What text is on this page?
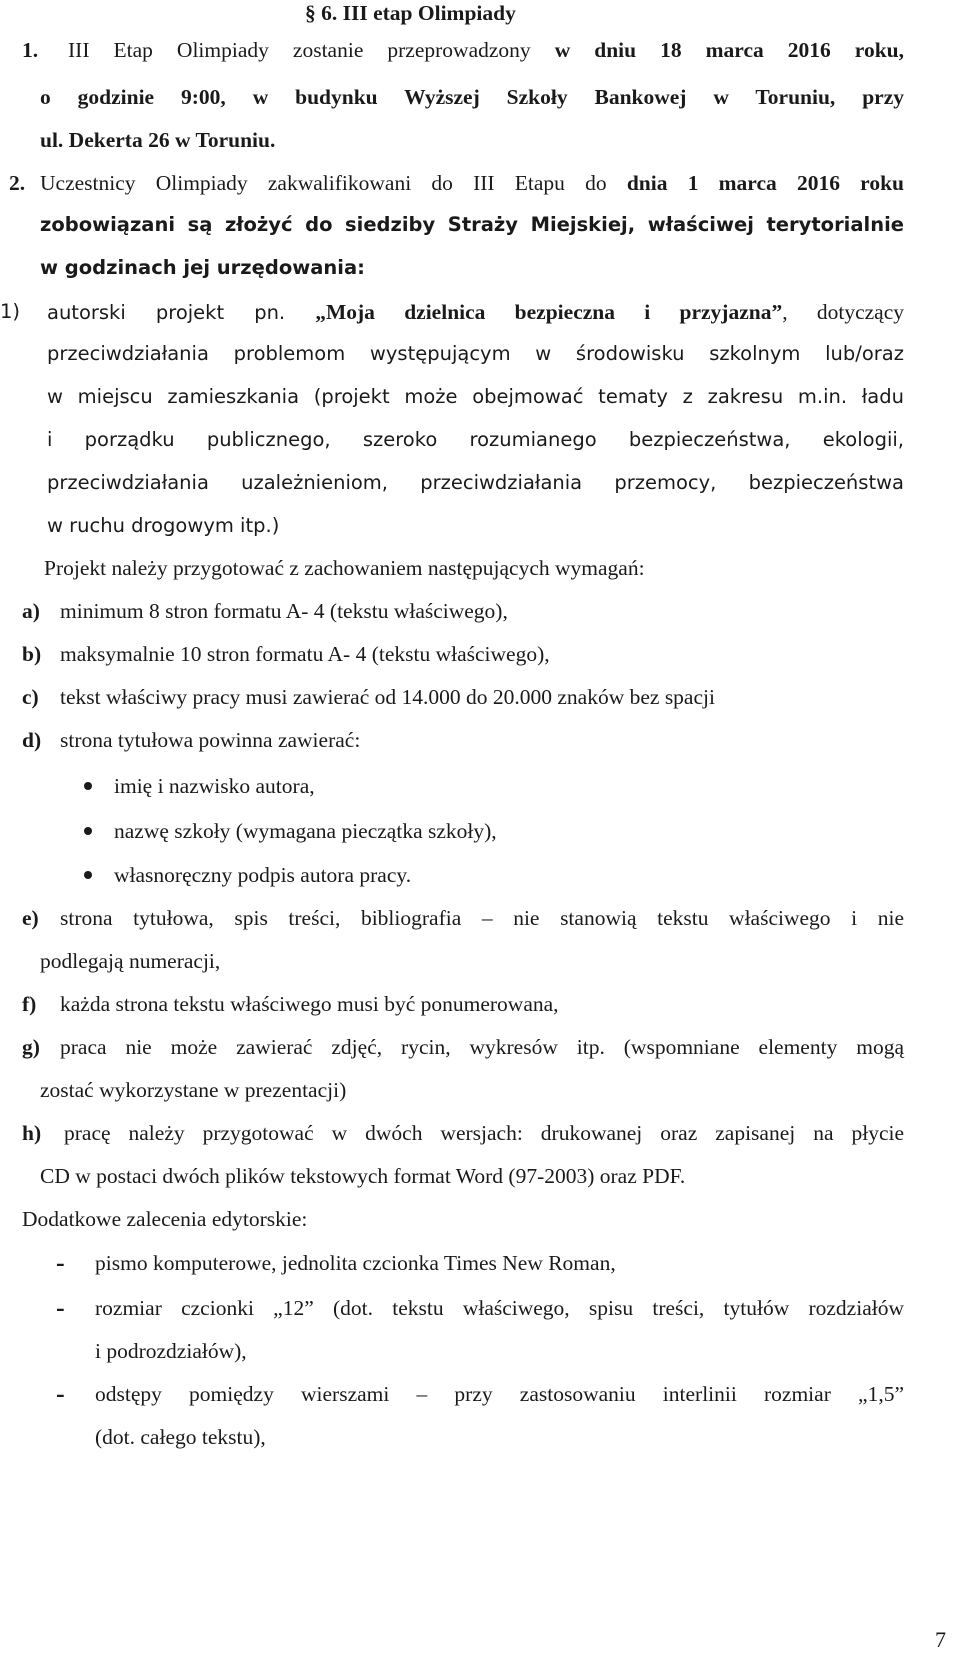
§ 6. III etap Olimpiady
1. III Etap Olimpiady zostanie przeprowadzony w dniu 18 marca 2016 roku,
o godzinie 9:00, w budynku Wyższej Szkoły Bankowej w Toruniu, przy
ul. Dekerta 26 w Toruniu.
2. Uczestnicy Olimpiady zakwalifikowani do III Etapu do dnia 1 marca 2016 roku
zobowiązani są złożyć do siedziby Straży Miejskiej, właściwej terytorialnie
w godzinach jej urzędowania:
1) autorski projekt pn. „Moja dzielnica bezpieczna i przyjazna”, dotyczący
przeciwdziałania problemom występującym w środowisku szkolnym lub/oraz
w miejscu zamieszkania (projekt może obejmować tematy z zakresu m.in. ładu
i porządku publicznego, szeroko rozumianego bezpieczeństwa, ekologii,
przeciwdziałania uzależnieniom, przeciwdziałania przemocy, bezpieczeństwa
w ruchu drogowym itp.)
Projekt należy przygotować z zachowaniem następujących wymagań:
a) minimum 8 stron formatu A- 4 (tekstu właściwego),
b) maksymalnie 10 stron formatu A- 4 (tekstu właściwego),
c) tekst właściwy pracy musi zawierać od 14.000 do 20.000 znaków bez spacji
d) strona tytułowa powinna zawierać:
imię i nazwisko autora,
nazwę szkoły (wymagana pieczątka szkoły),
własnoręczny podpis autora pracy.
e) strona tytułowa, spis treści, bibliografia – nie stanowią tekstu właściwego i nie
podlegają numeracji,
f) każda strona tekstu właściwego musi być ponumerowana,
g) praca nie może zawierać zdjęć, rycin, wykresów itp. (wspomniane elementy mogą
zostać wykorzystane w prezentacji)
h) pracę należy przygotować w dwóch wersjach: drukowanej oraz zapisanej na płycie
CD w postaci dwóch plików tekstowych format Word (97-2003) oraz PDF.
Dodatkowe zalecenia edytorskie:
- pismo komputerowe, jednolita czcionka Times New Roman,
- rozmiar czcionki „12” (dot. tekstu właściwego, spisu treści, tytułów rozdziałów
i podrozdziałów),
- odstępy pomiędzy wierszami – przy zastosowaniu interlinii rozmiar „1,5”
(dot. całego tekstu),
7
